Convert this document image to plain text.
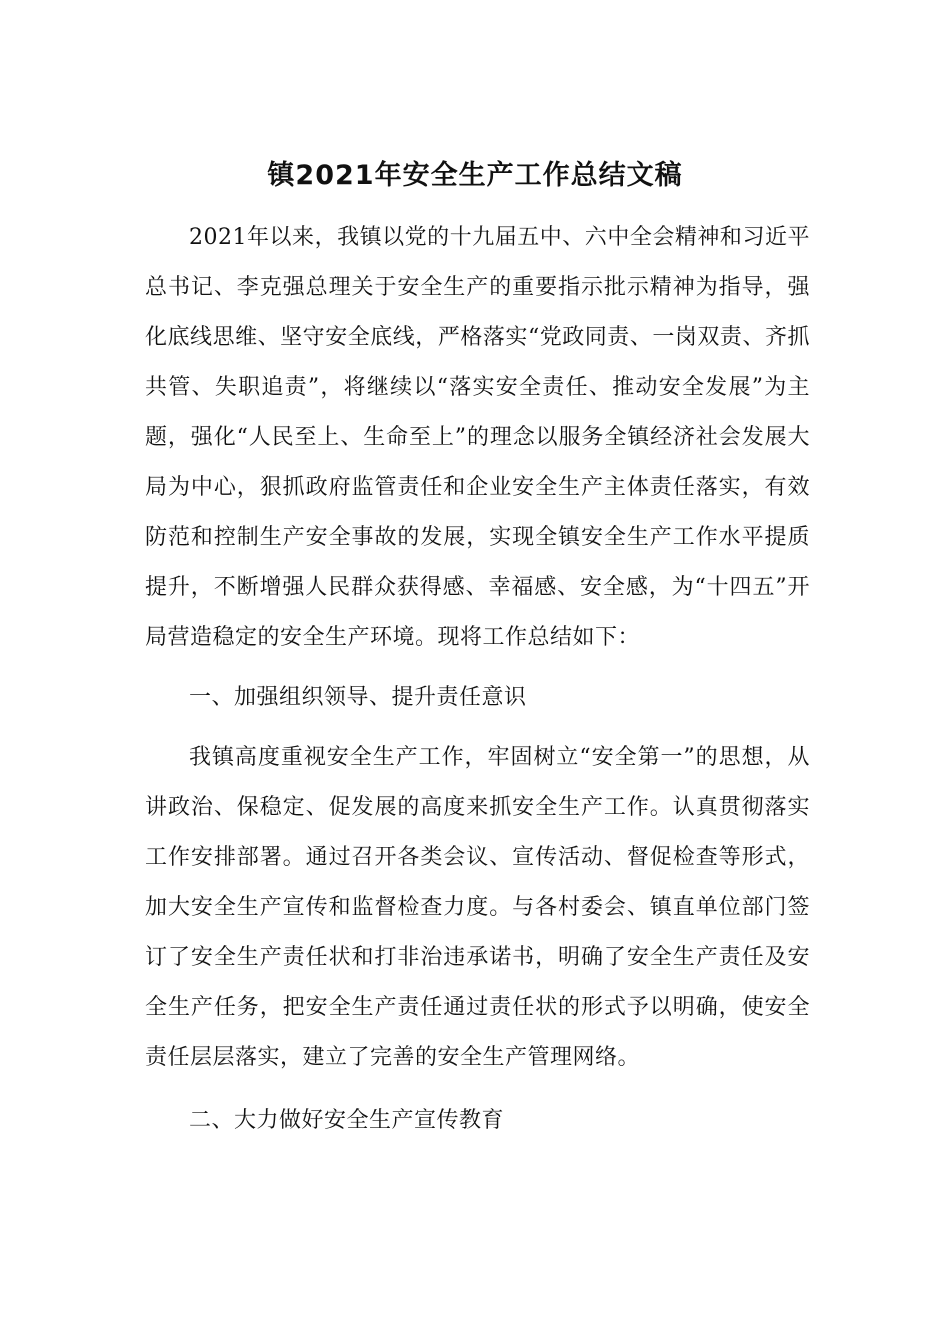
镇2021年安全生产工作总结文稿

2021年以来，我镇以党的十九届五中、六中全会精神和习近平总书记、李克强总理关于安全生产的重要指示批示精神为指导，强化底线思维、坚守安全底线，严格落实“党政同责、一岗双责、齐抓共管、失职追责”，将继续以“落实安全责任、推动安全发展”为主题，强化“人民至上、生命至上”的理念以服务全镇经济社会发展大局为中心，狠抓政府监管责任和企业安全生产主体责任落实，有效防范和控制生产安全事故的发展，实现全镇安全生产工作水平提质提升，不断增强人民群众获得感、幸福感、安全感，为“十四五”开局营造稳定的安全生产环境。现将工作总结如下：

一、加强组织领导、提升责任意识

我镇高度重视安全生产工作，牢固树立“安全第一”的思想，从讲政治、保稳定、促发展的高度来抓安全生产工作。认真贯彻落实工作安排部署。通过召开各类会议、宣传活动、督促检查等形式，加大安全生产宣传和监督检查力度。与各村委会、镇直单位部门签订了安全生产责任状和打非治违承诺书，明确了安全生产责任及安全生产任务，把安全生产责任通过责任状的形式予以明确，使安全责任层层落实，建立了完善的安全生产管理网络。

二、大力做好安全生产宣传教育
